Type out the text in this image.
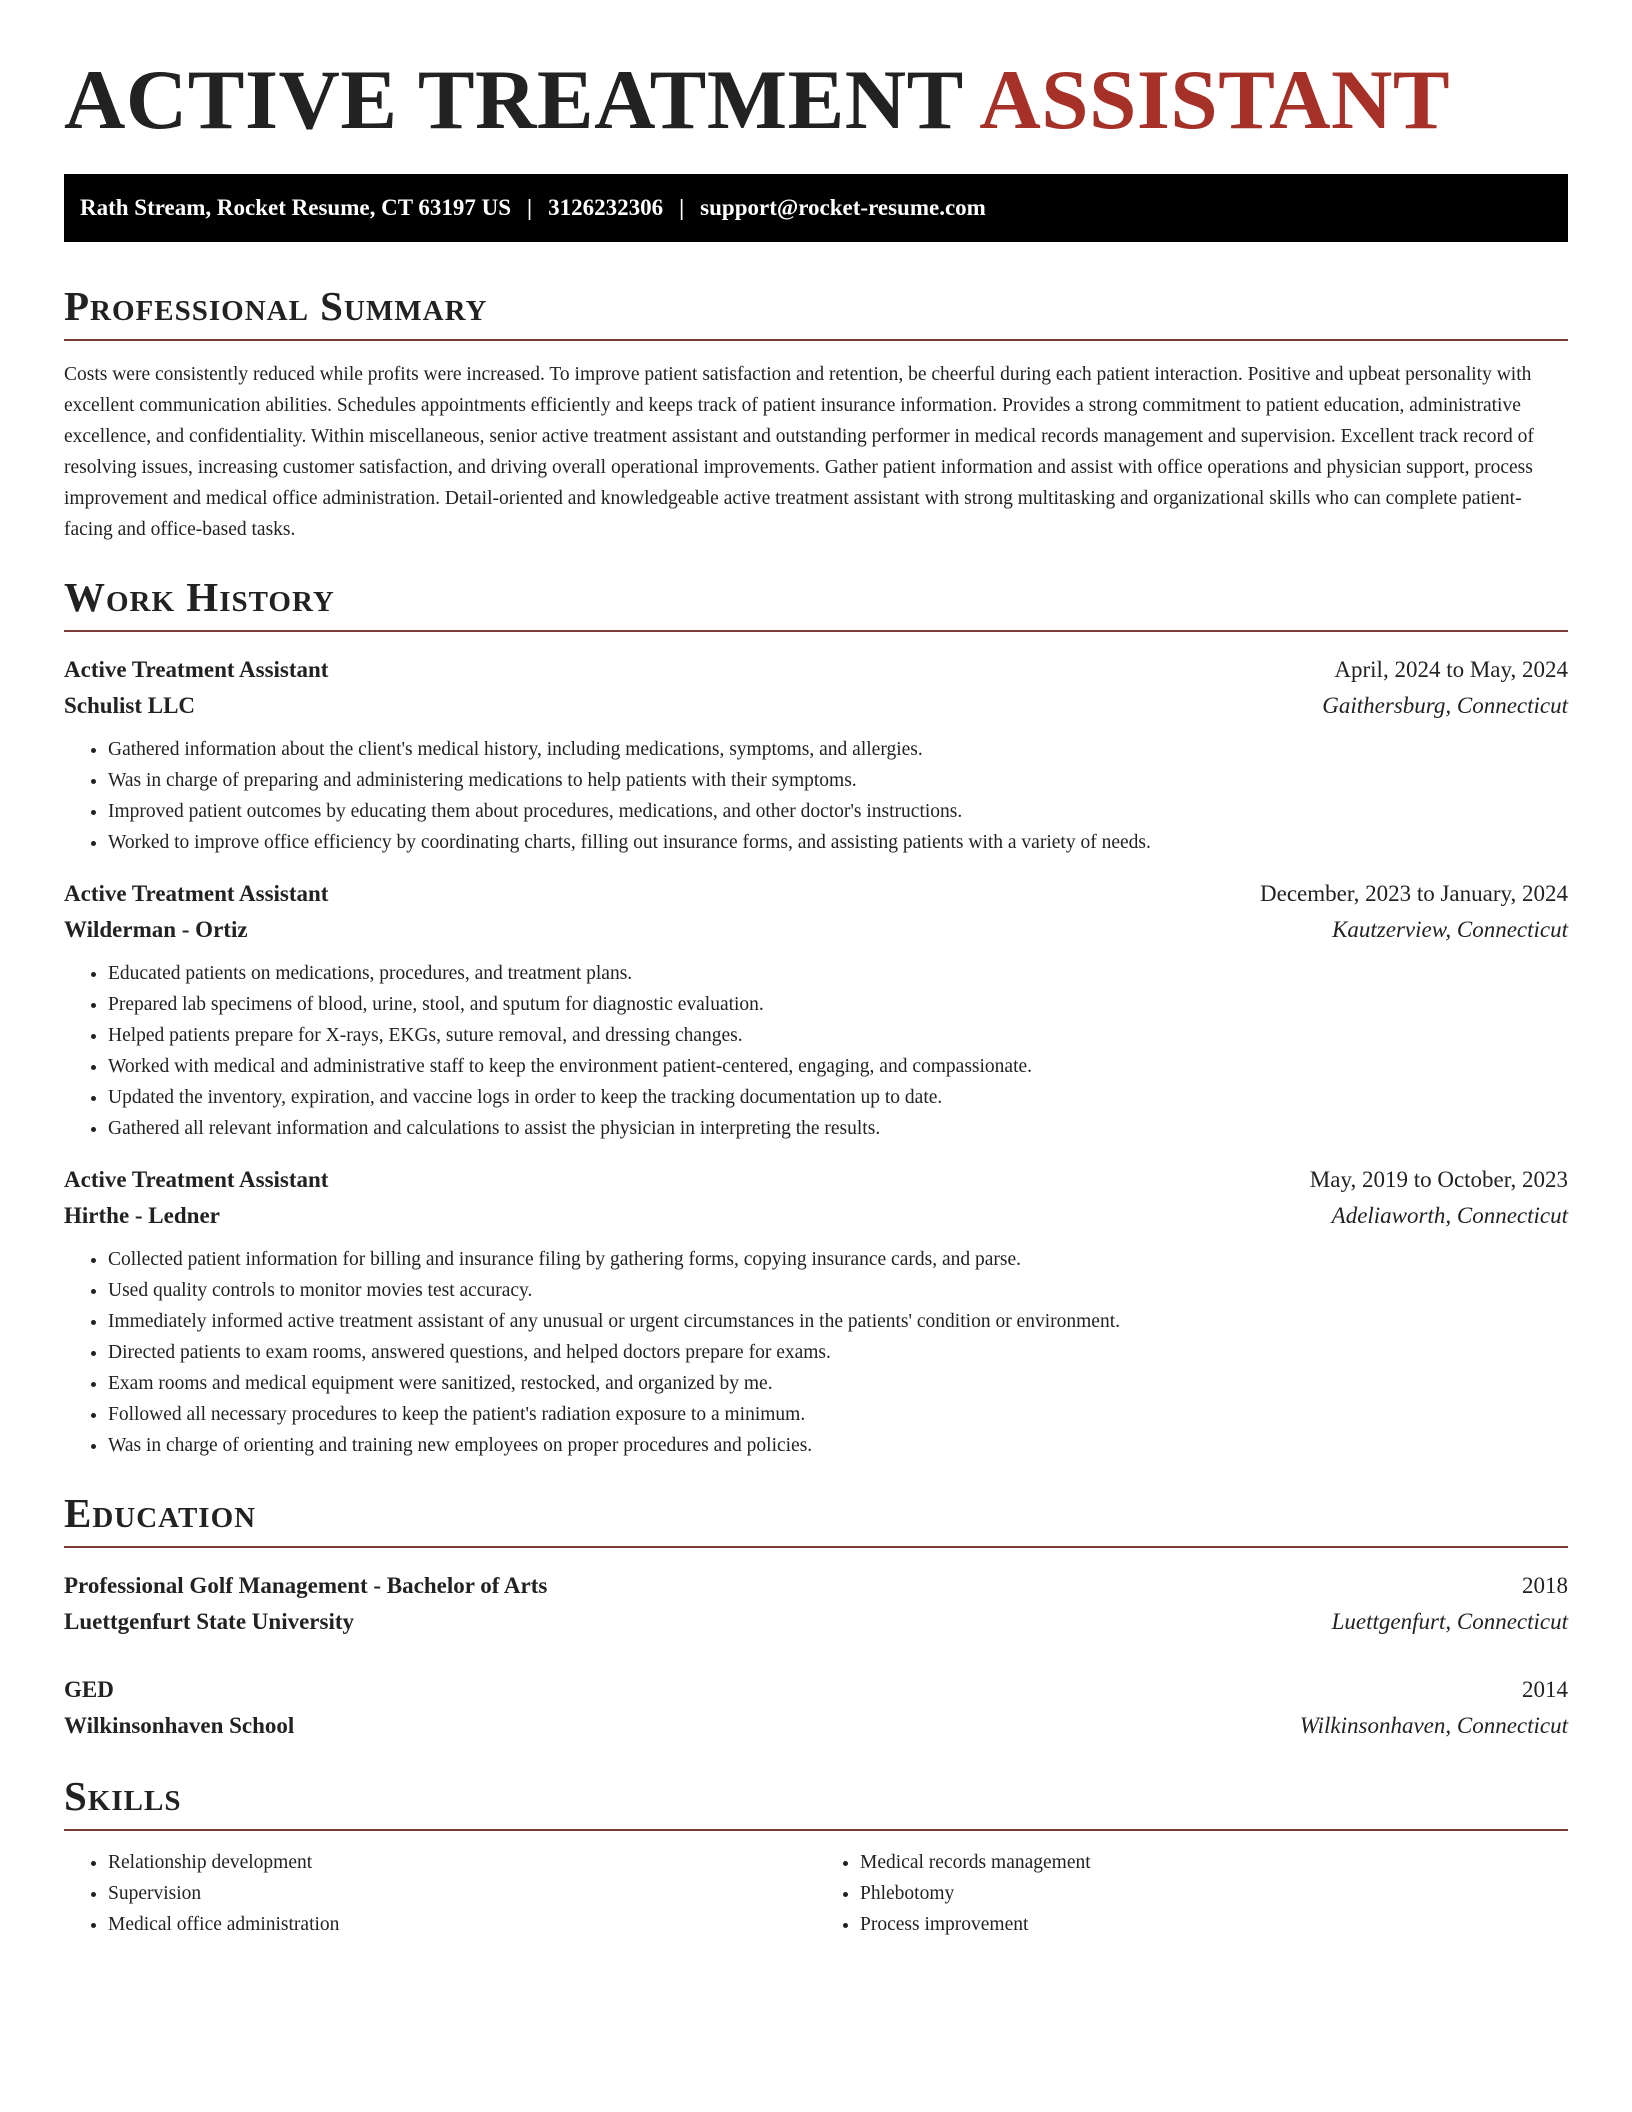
ACTIVE TREATMENT ASSISTANT
Rath Stream, Rocket Resume, CT 63197 US | 3126232306 | support@rocket-resume.com
Professional Summary

Costs were consistently reduced while profits were increased. To improve patient satisfaction and retention, be cheerful during each patient interaction. Positive and upbeat personality with excellent communication abilities. Schedules appointments efficiently and keeps track of patient insurance information. Provides a strong commitment to patient education, administrative excellence, and confidentiality. Within miscellaneous, senior active treatment assistant and outstanding performer in medical records management and supervision. Excellent track record of resolving issues, increasing customer satisfaction, and driving overall operational improvements. Gather patient information and assist with office operations and physician support, process improvement and medical office administration. Detail-oriented and knowledgeable active treatment assistant with strong multitasking and organizational skills who can complete patient-facing and office-based tasks.

Work History
Active Treatment Assistant	April, 2024 to May, 2024
Schulist LLC	Gaithersburg, Connecticut
• Gathered information about the client's medical history, including medications, symptoms, and allergies.
• Was in charge of preparing and administering medications to help patients with their symptoms.
• Improved patient outcomes by educating them about procedures, medications, and other doctor's instructions.
• Worked to improve office efficiency by coordinating charts, filling out insurance forms, and assisting patients with a variety of needs.
Active Treatment Assistant	December, 2023 to January, 2024
Wilderman - Ortiz	Kautzerview, Connecticut
• Educated patients on medications, procedures, and treatment plans.
• Prepared lab specimens of blood, urine, stool, and sputum for diagnostic evaluation.
• Helped patients prepare for X-rays, EKGs, suture removal, and dressing changes.
• Worked with medical and administrative staff to keep the environment patient-centered, engaging, and compassionate.
• Updated the inventory, expiration, and vaccine logs in order to keep the tracking documentation up to date.
• Gathered all relevant information and calculations to assist the physician in interpreting the results.
Active Treatment Assistant	May, 2019 to October, 2023
Hirthe - Ledner	Adeliaworth, Connecticut
• Collected patient information for billing and insurance filing by gathering forms, copying insurance cards, and parse.
• Used quality controls to monitor movies test accuracy.
• Immediately informed active treatment assistant of any unusual or urgent circumstances in the patients' condition or environment.
• Directed patients to exam rooms, answered questions, and helped doctors prepare for exams.
• Exam rooms and medical equipment were sanitized, restocked, and organized by me.
• Followed all necessary procedures to keep the patient's radiation exposure to a minimum.
• Was in charge of orienting and training new employees on proper procedures and policies.
Education
Professional Golf Management - Bachelor of Arts	2018
Luettgenfurt State University	Luettgenfurt, Connecticut
GED	2014
Wilkinsonhaven School	Wilkinsonhaven, Connecticut
Skills
• Relationship development
• Supervision
• Medical office administration
• Medical records management
• Phlebotomy
• Process improvement
